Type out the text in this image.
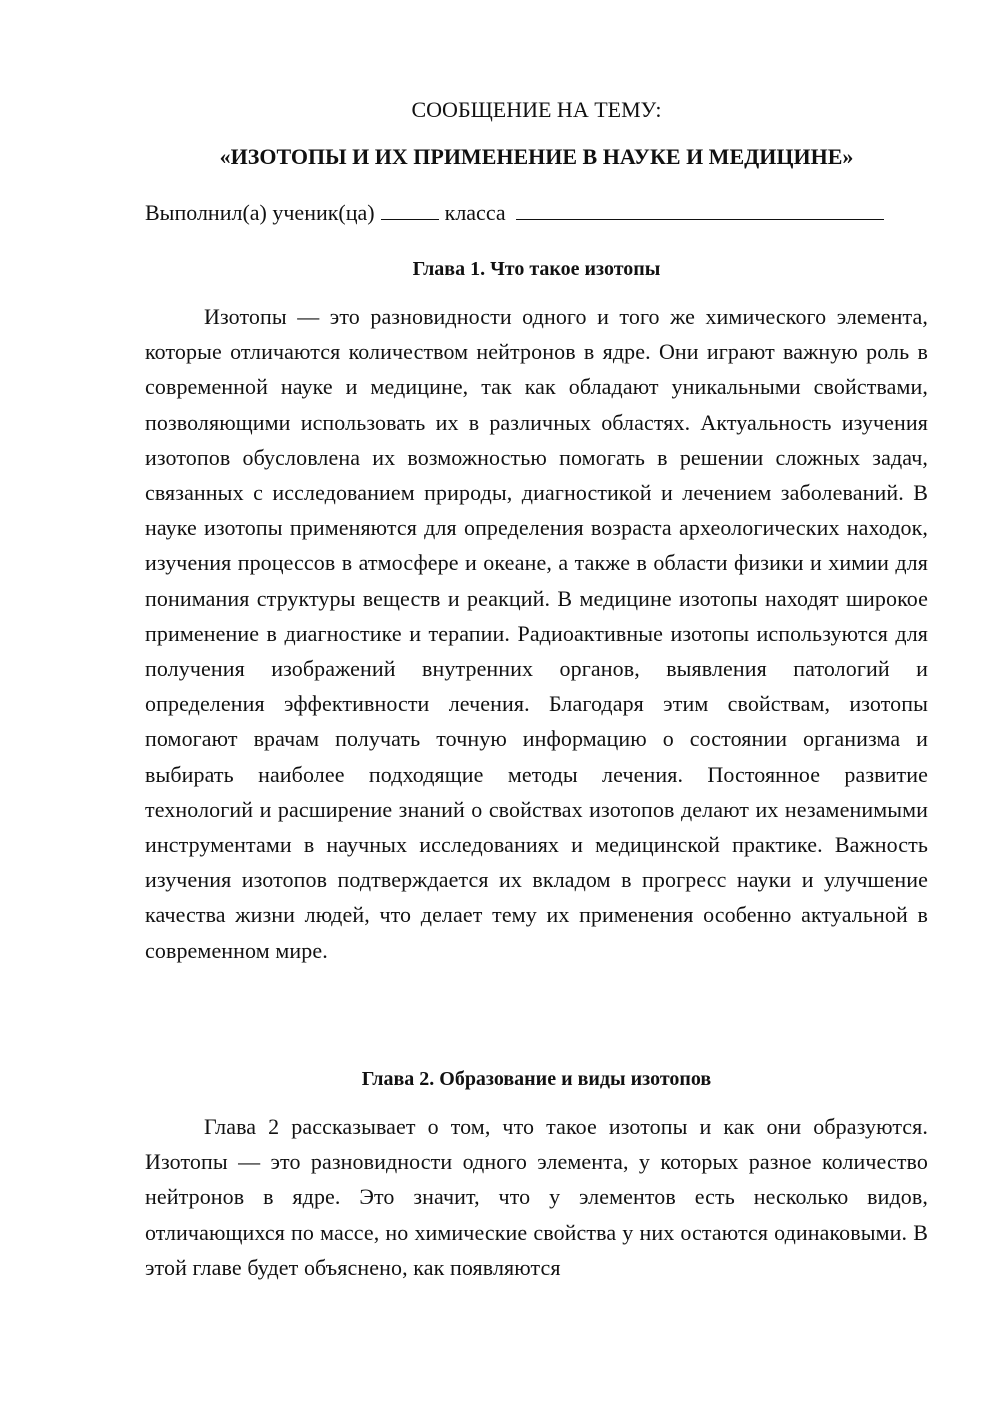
СООБЩЕНИЕ НА ТЕМУ:
«ИЗОТОПЫ И ИХ ПРИМЕНЕНИЕ В НАУКЕ И МЕДИЦИНЕ»
Выполнил(а) ученик(ца)	класса
Глава 1. Что такое изотопы

Изотопы — это разновидности одного и того же химического элемента, которые отличаются количеством нейтронов в ядре. Они играют важную роль в современной науке и медицине, так как обладают уникальными свойствами, позволяющими использовать их в различных областях. Актуальность изучения изотопов обусловлена их возможностью помогать в решении сложных задач, связанных с исследованием природы, диагностикой и лечением заболеваний. В науке изотопы применяются для определения возраста археологических находок, изучения процессов в атмосфере и океане, а также в области физики и химии для понимания структуры веществ и реакций. В медицине изотопы находят широкое применение в диагностике и терапии. Радиоактивные изотопы используются для получения изображений внутренних органов, выявления патологий и определения эффективности лечения. Благодаря этим свойствам, изотопы помогают врачам получать точную информацию о состоянии организма и выбирать наиболее подходящие методы лечения. Постоянное развитие технологий и расширение знаний о свойствах изотопов делают их незаменимыми инструментами в научных исследованиях и медицинской практике. Важность изучения изотопов подтверждается их вкладом в прогресс науки и улучшение качества жизни людей, что делает тему их применения особенно актуальной в современном мире.

Глава 2. Образование и виды изотопов

Глава 2 рассказывает о том, что такое изотопы и как они образуются. Изотопы — это разновидности одного элемента, у которых разное количество нейтронов в ядре. Это значит, что у элементов есть несколько видов, отличающихся по массе, но химические свойства у них остаются одинаковыми. В этой главе будет объяснено, как появляются
